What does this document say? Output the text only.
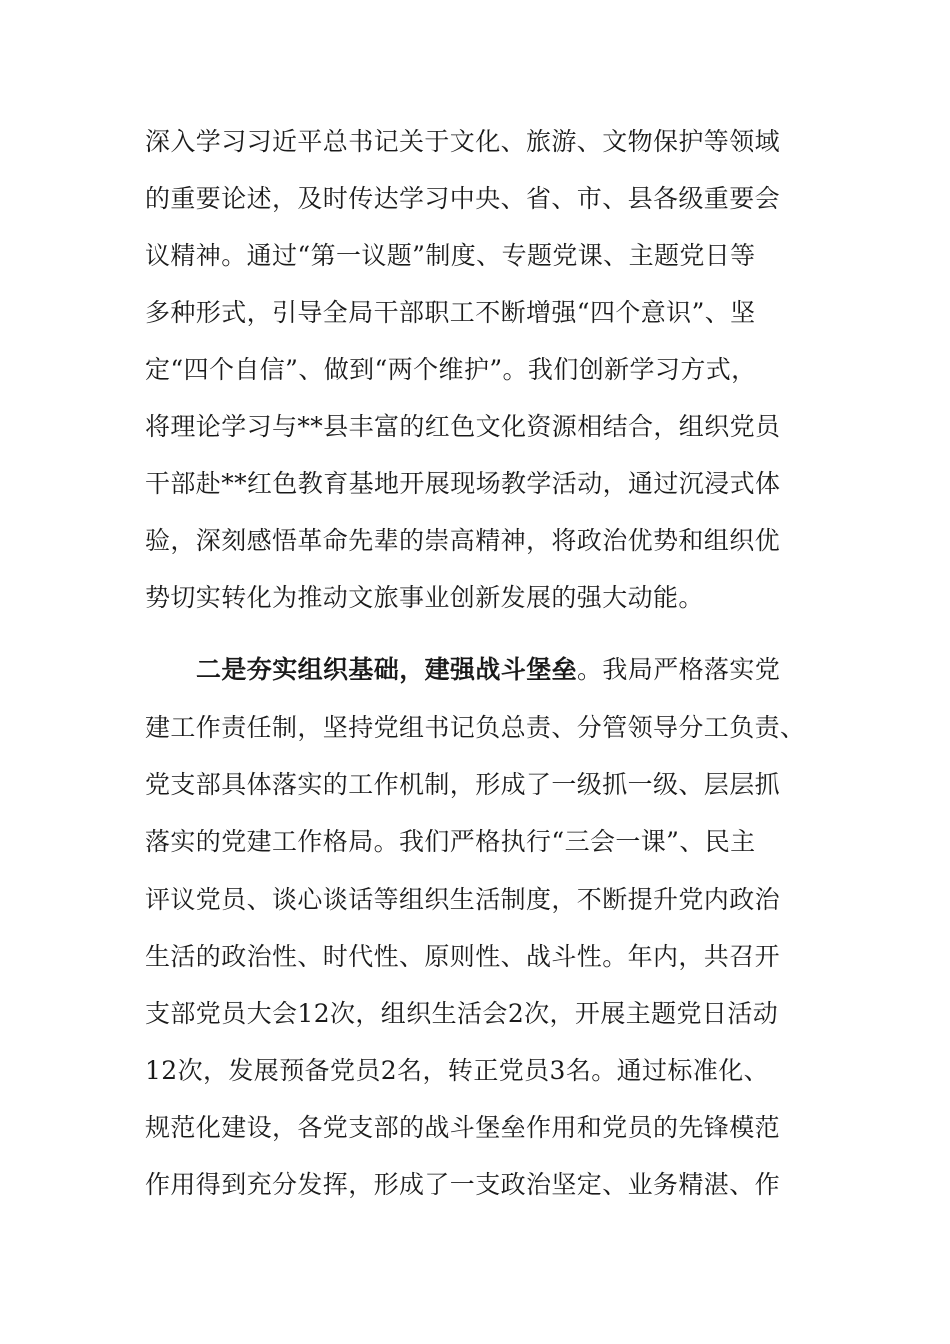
深入学习习近平总书记关于文化、旅游、文物保护等领域
的重要论述，及时传达学习中央、省、市、县各级重要会
议精神。通过“第一议题”制度、专题党课、主题党日等
多种形式，引导全局干部职工不断增强“四个意识”、坚
定“四个自信”、做到“两个维护”。我们创新学习方式，
将理论学习与**县丰富的红色文化资源相结合，组织党员
干部赴**红色教育基地开展现场教学活动，通过沉浸式体
验，深刻感悟革命先辈的崇高精神，将政治优势和组织优
势切实转化为推动文旅事业创新发展的强大动能。
二是夯实组织基础，建强战斗堡垒。我局严格落实党
建工作责任制，坚持党组书记负总责、分管领导分工负责、
党支部具体落实的工作机制，形成了一级抓一级、层层抓
落实的党建工作格局。我们严格执行“三会一课”、民主
评议党员、谈心谈话等组织生活制度，不断提升党内政治
生活的政治性、时代性、原则性、战斗性。年内，共召开
支部党员大会12次，组织生活会2次，开展主题党日活动
12次，发展预备党员2名，转正党员3名。通过标准化、
规范化建设，各党支部的战斗堡垒作用和党员的先锋模范
作用得到充分发挥，形成了一支政治坚定、业务精湛、作
